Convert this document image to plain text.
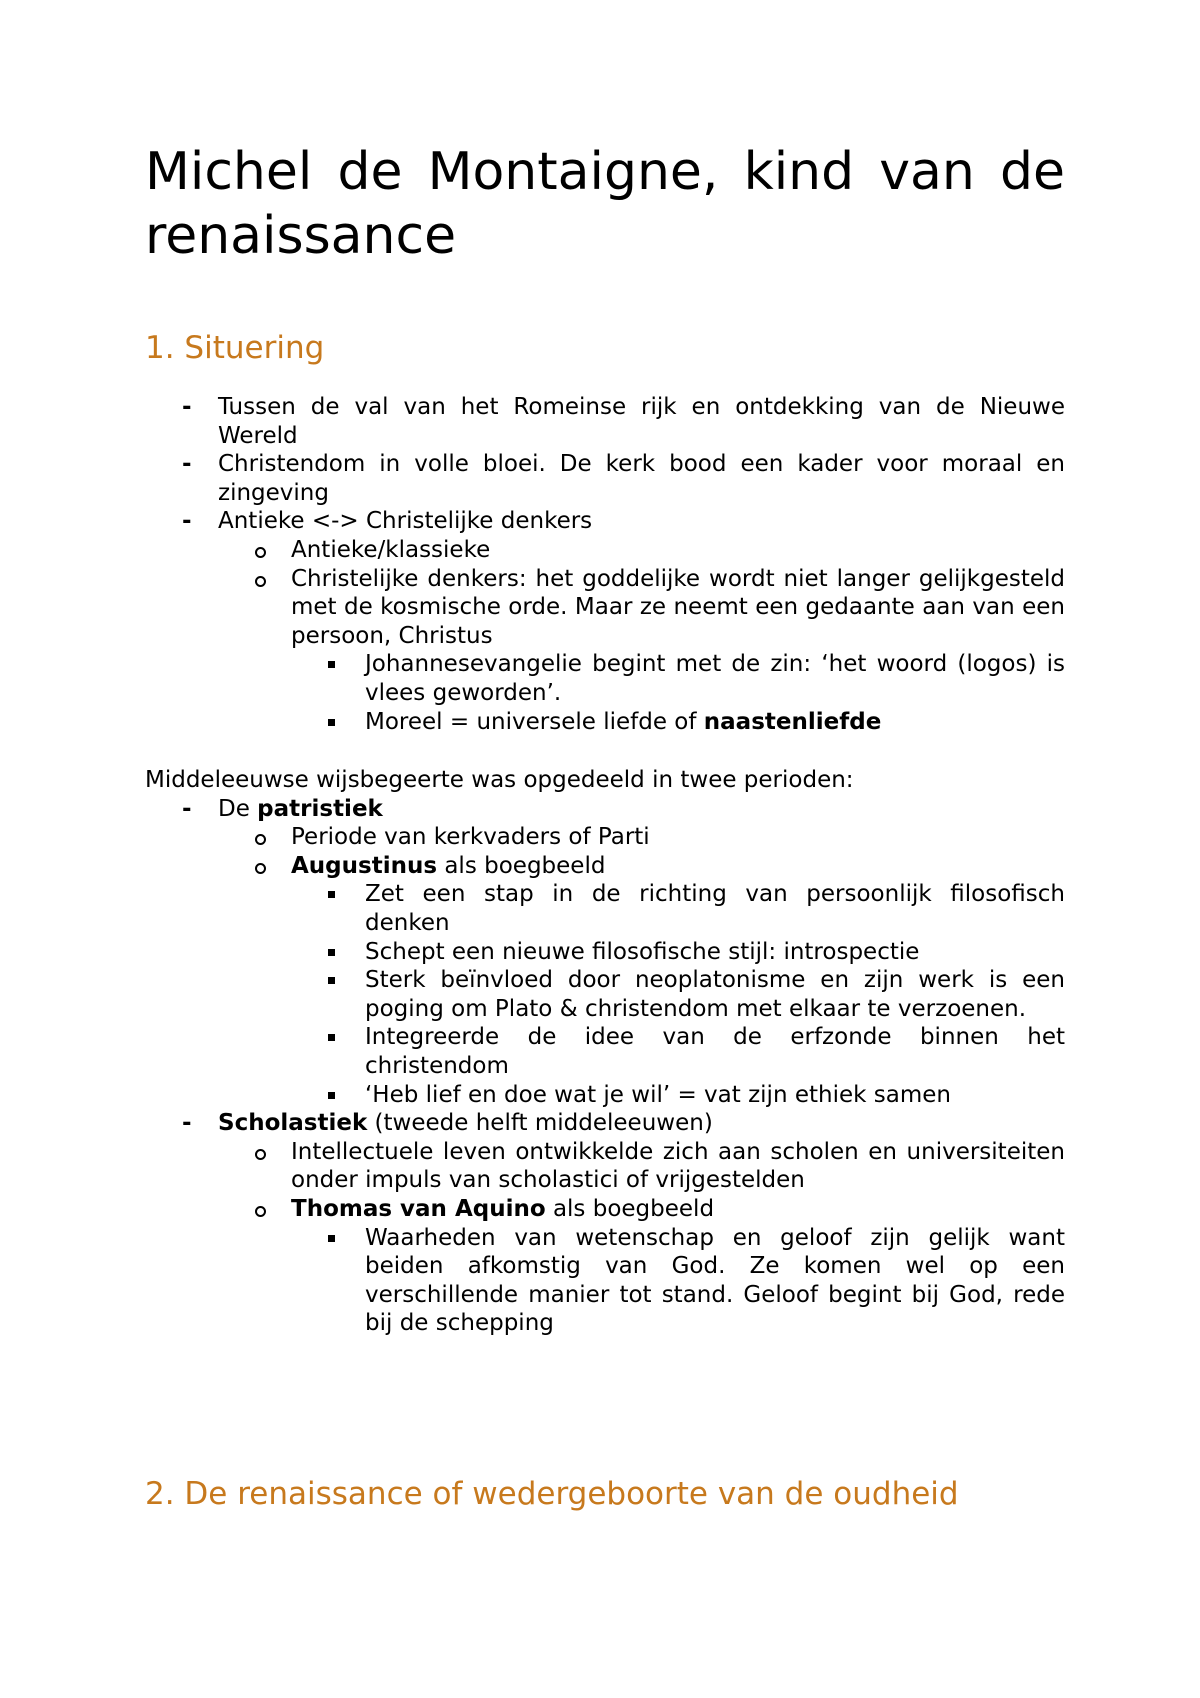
Michel de Montaigne, kind van de renaissance
1. Situering
- Tussen de val van het Romeinse rijk en ontdekking van de Nieuwe Wereld
- Christendom in volle bloei. De kerk bood een kader voor moraal en zingeving
- Antieke <-> Christelijke denkers
Antieke/klassieke
Christelijke denkers: het goddelijke wordt niet langer gelijkgesteld met de kosmische orde. Maar ze neemt een gedaante aan van een persoon, Christus
Johannesevangelie begint met de zin: ‘het woord (logos) is vlees geworden’.
Moreel = universele liefde of naastenliefde
Middeleeuwse wijsbegeerte was opgedeeld in twee perioden:
- De patristiek
Periode van kerkvaders of Parti
Augustinus als boegbeeld
Zet een stap in de richting van persoonlijk filosofisch denken
Schept een nieuwe filosofische stijl: introspectie
Sterk beïnvloed door neoplatonisme en zijn werk is een poging om Plato & christendom met elkaar te verzoenen.
Integreerde de idee van de erfzonde binnen het christendom
‘Heb lief en doe wat je wil’ = vat zijn ethiek samen
- Scholastiek (tweede helft middeleeuwen)
Intellectuele leven ontwikkelde zich aan scholen en universiteiten onder impuls van scholastici of vrijgestelden
Thomas van Aquino als boegbeeld
Waarheden van wetenschap en geloof zijn gelijk want beiden afkomstig van God. Ze komen wel op een verschillende manier tot stand. Geloof begint bij God, rede bij de schepping
2. De renaissance of wedergeboorte van de oudheid
